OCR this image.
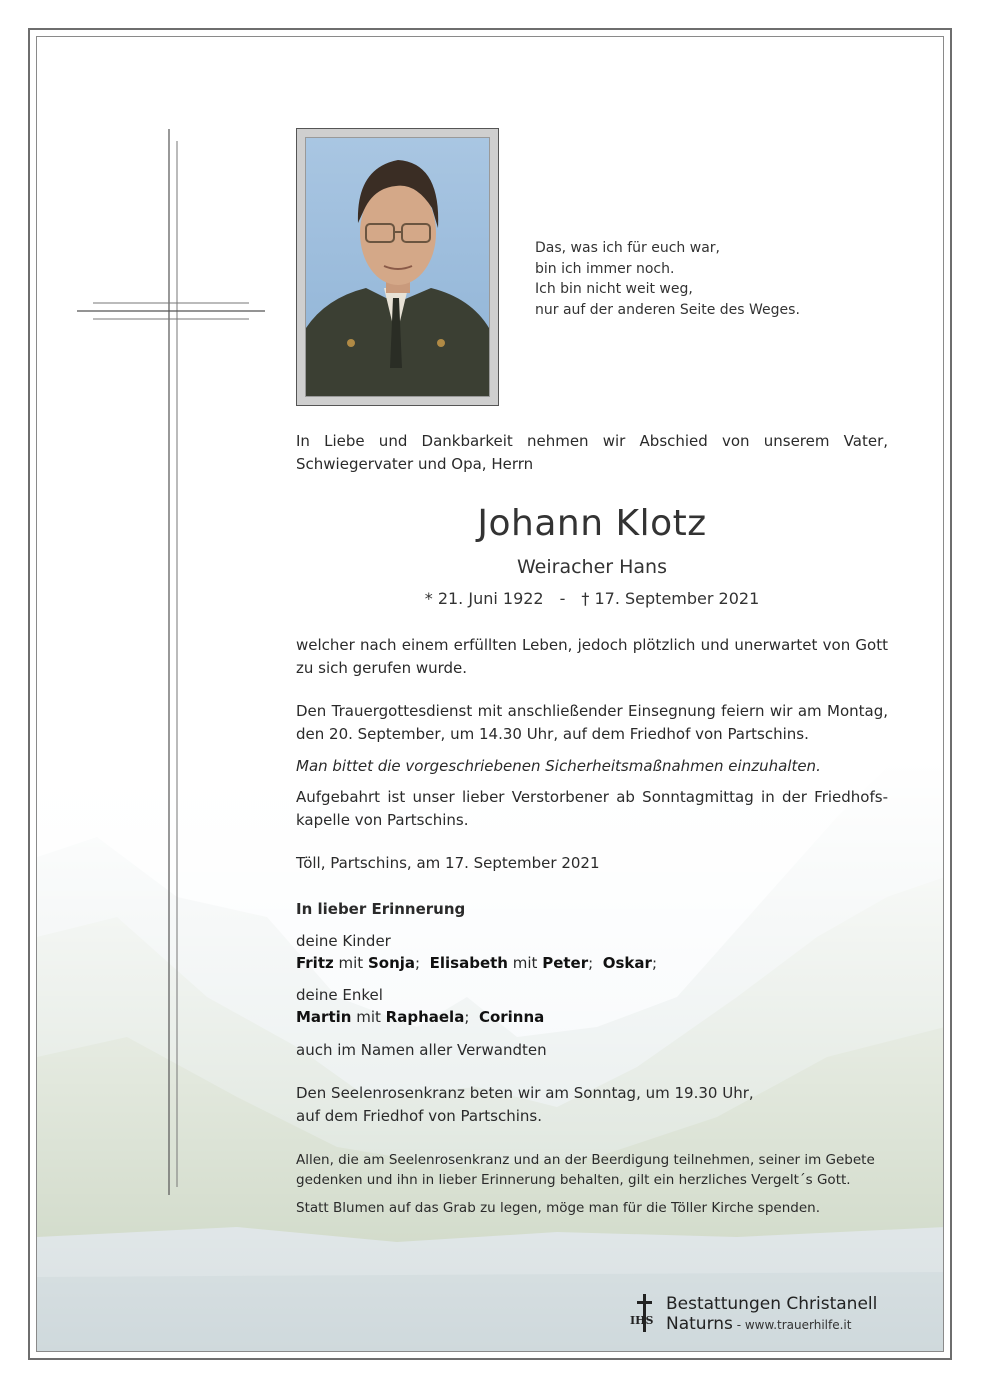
Das, was ich für euch war,
bin ich immer noch.
Ich bin nicht weit weg,
nur auf der anderen Seite des Weges.
In Liebe und Dankbarkeit nehmen wir Abschied von unserem Vater, Schwiegervater und Opa, Herrn
Johann Klotz
Weiracher Hans
* 21. Juni 1922 - † 17. September 2021
welcher nach einem erfüllten Leben, jedoch plötzlich und unerwartet von Gott zu sich gerufen wurde.
Den Trauergottesdienst mit anschließender Einsegnung feiern wir am Montag, den 20. September, um 14.30 Uhr, auf dem Friedhof von Partschins.
Man bittet die vorgeschriebenen Sicherheitsmaßnahmen einzuhalten.
Aufgebahrt ist unser lieber Verstorbener ab Sonntagmittag in der Friedhofskapelle von Partschins.
Töll, Partschins, am 17. September 2021
In lieber Erinnerung
deine Kinder
Fritz mit Sonja; Elisabeth mit Peter; Oskar;
deine Enkel
Martin mit Raphaela; Corinna
auch im Namen aller Verwandten
Den Seelenrosenkranz beten wir am Sonntag, um 19.30 Uhr,
auf dem Friedhof von Partschins.
Allen, die am Seelenrosenkranz und an der Beerdigung teilnehmen, seiner im Gebete gedenken und ihn in lieber Erinnerung behalten, gilt ein herzliches Vergelt´s Gott.
Statt Blumen auf das Grab zu legen, möge man für die Töller Kirche spenden.
IHS
Bestattungen Christanell
Naturns - www.trauerhilfe.it
